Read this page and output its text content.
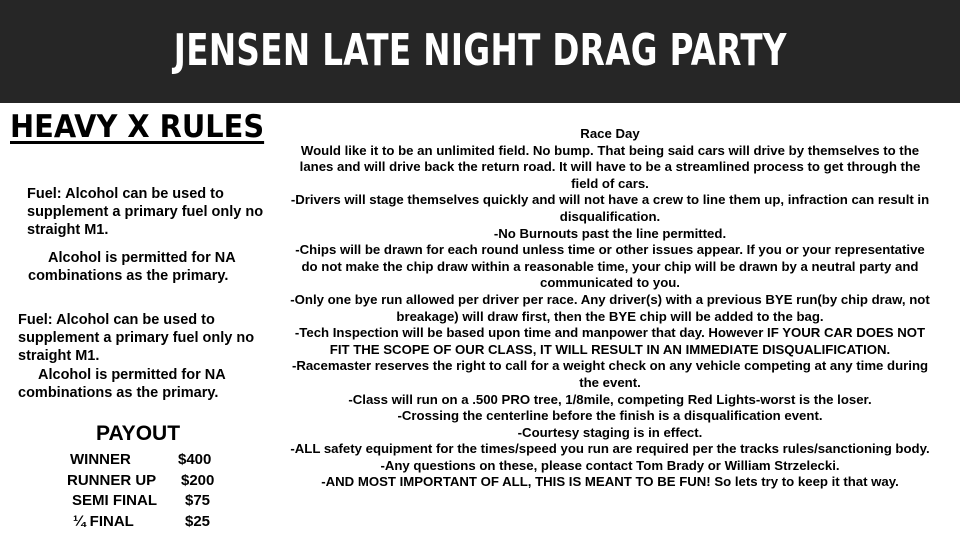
JENSEN LATE NIGHT DRAG PARTY
HEAVY X RULES
Fuel: Alcohol can be used to supplement a primary fuel only no straight M1.
Alcohol is permitted for NA combinations as the primary.
Fuel: Alcohol can be used to supplement a primary fuel only no straight M1.
Alcohol is permitted for NA combinations as the primary.
PAYOUT
WINNER	$400
RUNNER UP $200
SEMI FINAL $75
¼ FINAL	$25

Race Day

Would like it to be an unlimited field. No bump. That being said cars will drive by themselves to the lanes and will drive back the return road. It will have to be a streamlined process to get through the field of cars.

-Drivers will stage themselves quickly and will not have a crew to line them up, infraction can result in disqualification.

-No Burnouts past the line permitted.

-Chips will be drawn for each round unless time or other issues appear. If you or your representative do not make the chip draw within a reasonable time, your chip will be drawn by a neutral party and communicated to you.

-Only one bye run allowed per driver per race. Any driver(s) with a previous BYE run(by chip draw, not breakage) will draw first, then the BYE chip will be added to the bag.

-Tech Inspection will be based upon time and manpower that day. However IF YOUR CAR DOES NOT FIT THE SCOPE OF OUR CLASS, IT WILL RESULT IN AN IMMEDIATE DISQUALIFICATION.

-Racemaster reserves the right to call for a weight check on any vehicle competing at any time during the event.

-Class will run on a .500 PRO tree, 1/8mile, competing Red Lights-worst is the loser.

-Crossing the centerline before the finish is a disqualification event.

-Courtesy staging is in effect.

-ALL safety equipment for the times/speed you run are required per the tracks rules/sanctioning body.

-Any questions on these, please contact Tom Brady or William Strzelecki.

-AND MOST IMPORTANT OF ALL, THIS IS MEANT TO BE FUN! So lets try to keep it that way.
